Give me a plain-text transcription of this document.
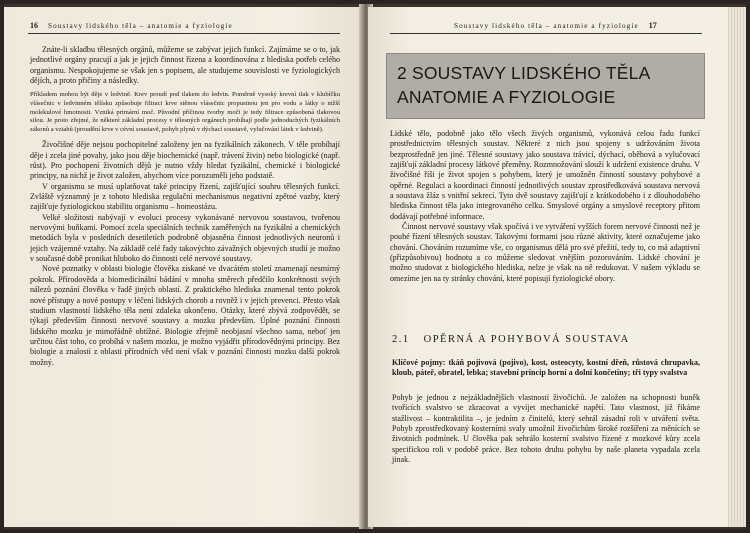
16 Soustavy lidského těla – anatomie a fyziologie

Znáte-li skladbu tělesných orgánů, můžeme se zabývat jejich funkcí. Zajímáme se o to, jak jednotlivé orgány pracují a jak je jejich činnost řízena a koordinována z hlediska potřeb celého organismu. Nespokojujeme se však jen s popisem, ale studujeme souvislosti ve fyziologických dějích, a proto přičiny a následky.

Příkladem mohou být děje v ledvině. Krev proudí pod tlakem do ledvin. Poměrně vysoký krevní tlak v klubíčku vlásečnic v ledvinném tělísku způsobuje filtraci krve stěnou vlásečnic propustnou jen pro vodu a látky o nižší molekulové hmotnosti. Vzniká primární moč. Původní příčinou tvorby moči je tedy filtrace způsobená tlakovou silou. Je proto zřejmé, že některé základní procesy v tělesných orgánech probíhají podle jednoduchých fyzikálních zákonů a vztahů (proudění krve v cévní soustavě, pohyb plynů v dýchací soustavě, vylučování látek v ledvině).

Živočišné děje nejsou pochopitelné založeny jen na fyzikálních zákonech. V těle probíhají děje i zcela jiné povahy, jako jsou děje biochemické (např. trávení živin) nebo biologické (např. růst). Pro pochopení životních dějů je nutno vždy hledat fyzikální, chemické i biologické principy, na nichž je život založen, abychom více porozuměli jeho podstatě.

V organismu se musí uplatňovat také principy řízení, zajišťující souhru tělesných funkcí. Zvláště významný je z tohoto hlediska regulační mechanismus negativní zpětné vazby, který zajišťuje fyziologickou stabilitu organismu – homeostázu.

Velké složitosti nabývají v evoluci procesy vykonávané nervovou soustavou, tvořenou nervovými buňkami. Pomocí zcela speciálních technik zaměřených na fyzikální a chemických metodách byla v posledních desetiletích podrobně objasněna činnost jednotlivých neuronů i jejich vzájemné vztahy. Na základě celé řady takovýchto závažných objevných studií je možno v současné době pronikat hluboko do činnosti celé nervové soustavy.

Nové poznatky v oblasti biologie člověka získané ve dvacátém století znamenají nesmírný pokrok. Přírodověda a biomedicínální bádání v mnoha směrech předčilo konkrétnosti svých nálezů poznání člověka v řadě jiných oblastí. Z praktického hlediska znamenal tento pokrok nové přístupy a nové postupy v léčení lidských chorob a rovněž i v jejich prevenci. Přesto však studium vlastností lidského těla není zdaleka ukončeno. Otázky, které zbývá zodpovědět, se týkají především činnosti nervové soustavy a mozku především. Úplné poznání činnosti lidského mozku je mimořádně obtížné. Biologie zřejmě neobjasní všechno sama, neboť jen určitou část toho, co probíhá v našem mozku, je možno vyjádřit přírodovědnými principy. Bez biologie a znalostí z oblasti přírodních věd není však v poznání činnosti mozku další pokrok možný.

Soustavy lidského těla – anatomie a fyziologie 17
2 SOUSTAVY LIDSKÉHO TĚLA
ANATOMIE A FYZIOLOGIE

Lidské tělo, podobně jako tělo všech živých organismů, vykonává celou řadu funkcí prostřednictvím tělesných soustav. Některé z nich jsou spojeny s udržováním života bezprostředně jen jiné. Tělesné soustavy jako soustava trávicí, dýchací, oběhová a vylučovací zajišťují základní procesy látkové přeměny. Rozmnožování slouží k udržení existence druhu. V živočišné říši je život spojen s pohybem, který je umožněn činností soustavy pohybové a opěrné. Regulaci a koordinaci činností jednotlivých soustav zprostředkovává soustava nervová a soustava žláz s vnitřní sekrecí. Tyto dvě soustavy zajišťují z krátkodobého i z dlouhodobého hlediska činnost těla jako integrovaného celku. Smyslové orgány a smyslové receptory přitom dodávají potřebné informace.

Činnost nervové soustavy však spočívá i ve vytváření vyšších forem nervové činnosti než je pouhé řízení tělesných soustav. Takovými formami jsou různé aktivity, které označujeme jako chování. Chováním rozumíme vše, co organismus dělá pro své přežití, tedy to, co má adaptivní (přizpůsobivou) hodnotu a co můžeme sledovat vnějším pozorováním. Lidské chování je možno studovat z biologického hlediska, nelze je však na ně redukovat. V našem výkladu se omezíme jen na ty stránky chování, které popisují fyziologické obory.

2.1 OPĚRNÁ A POHYBOVÁ SOUSTAVA
Klíčové pojmy: tkáň pojivová (pojivo), kost, osteocyty, kostní dřeň, růstová chrupavka, kloub, páteř, obratel, lebka; stavební princip horní a dolní končetiny; tři typy svalstva

Pohyb je jednou z nejzákladnějších vlastností živočichů. Je založen na schopnosti buněk tvořících svalstvo se zkracovat a vyvíjet mechanické napětí. Tato vlastnost, již říkáme stažlivost – kontraktilita –, je jedním z činitelů, který sehrál zásadní roli v utváření světa. Pohyb zprostředkovaný kosterními svaly umožnil živočichům široké rozšíření za měnících se životních podmínek. U člověka pak sehrálo kosterní svalstvo řízené z mozkové kůry zcela specifickou roli v podobě práce. Bez tohoto druhu pohybu by naše planeta vypadala zcela jinak.
